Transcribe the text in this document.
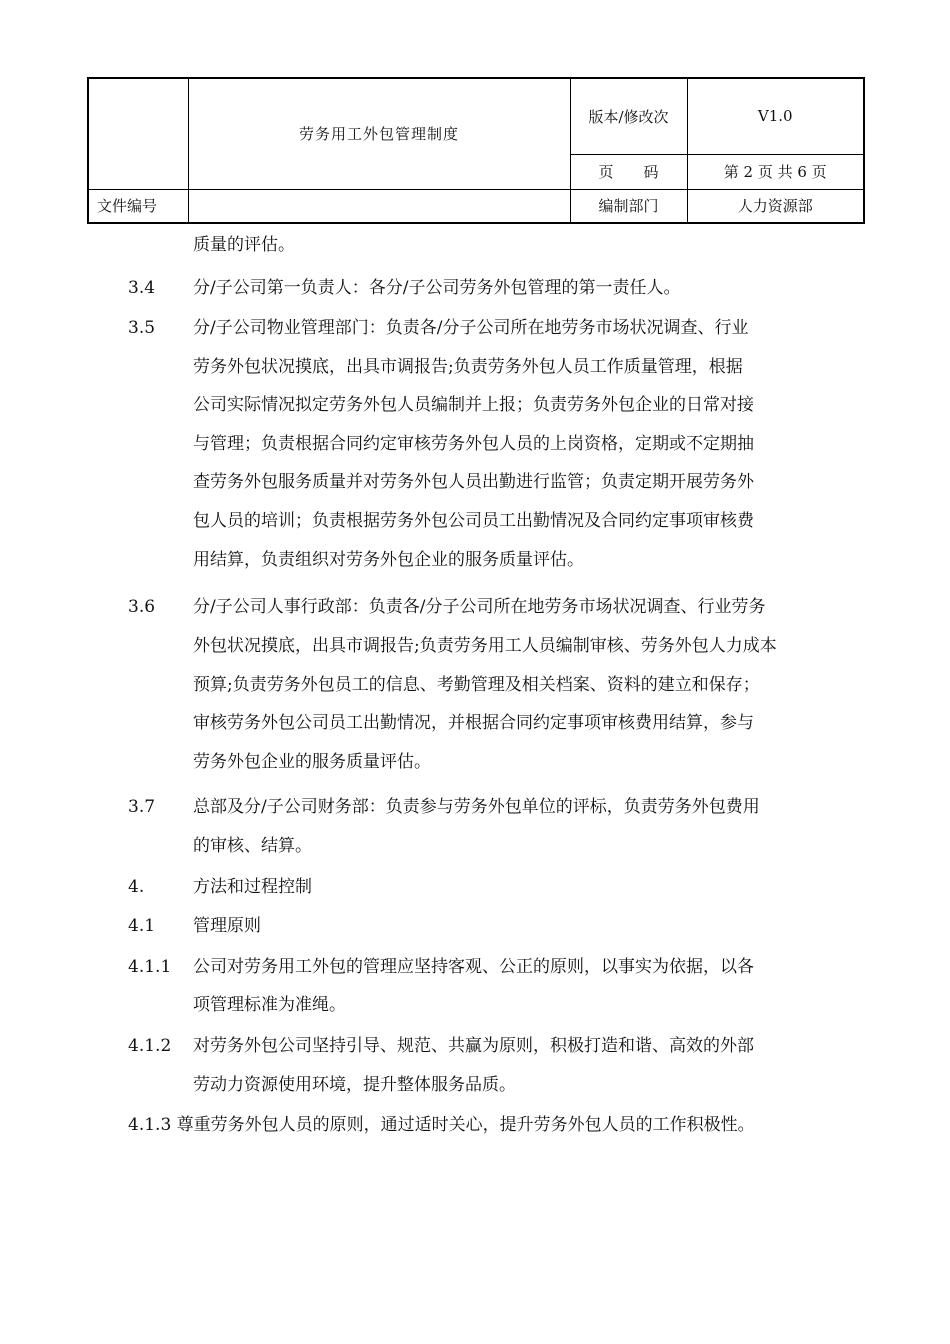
	劳务用工外包管理制度	版本/修改次	V1.0
		页　　码	第 2 页 共 6 页
文件编号		编制部门	人力资源部
质量的评估。
3.4 分/子公司第一负责人：各分/子公司劳务外包管理的第一责任人。
3.5 分/子公司物业管理部门：负责各/分子公司所在地劳务市场状况调查、行业
劳务外包状况摸底，出具市调报告;负责劳务外包人员工作质量管理，根据
公司实际情况拟定劳务外包人员编制并上报；负责劳务外包企业的日常对接
与管理；负责根据合同约定审核劳务外包人员的上岗资格，定期或不定期抽
查劳务外包服务质量并对劳务外包人员出勤进行监管；负责定期开展劳务外
包人员的培训；负责根据劳务外包公司员工出勤情况及合同约定事项审核费
用结算，负责组织对劳务外包企业的服务质量评估。
3.6 分/子公司人事行政部：负责各/分子公司所在地劳务市场状况调查、行业劳务
外包状况摸底，出具市调报告;负责劳务用工人员编制审核、劳务外包人力成本
预算;负责劳务外包员工的信息、考勤管理及相关档案、资料的建立和保存；
审核劳务外包公司员工出勤情况，并根据合同约定事项审核费用结算，参与
劳务外包企业的服务质量评估。
3.7 总部及分/子公司财务部：负责参与劳务外包单位的评标，负责劳务外包费用
的审核、结算。
4.	方法和过程控制
4.1 管理原则
4.1.1 公司对劳务用工外包的管理应坚持客观、公正的原则，以事实为依据，以各
项管理标准为准绳。
4.1.2 对劳务外包公司坚持引导、规范、共赢为原则，积极打造和谐、高效的外部
劳动力资源使用环境，提升整体服务品质。
4.1.3 尊重劳务外包人员的原则，通过适时关心，提升劳务外包人员的工作积极性。
